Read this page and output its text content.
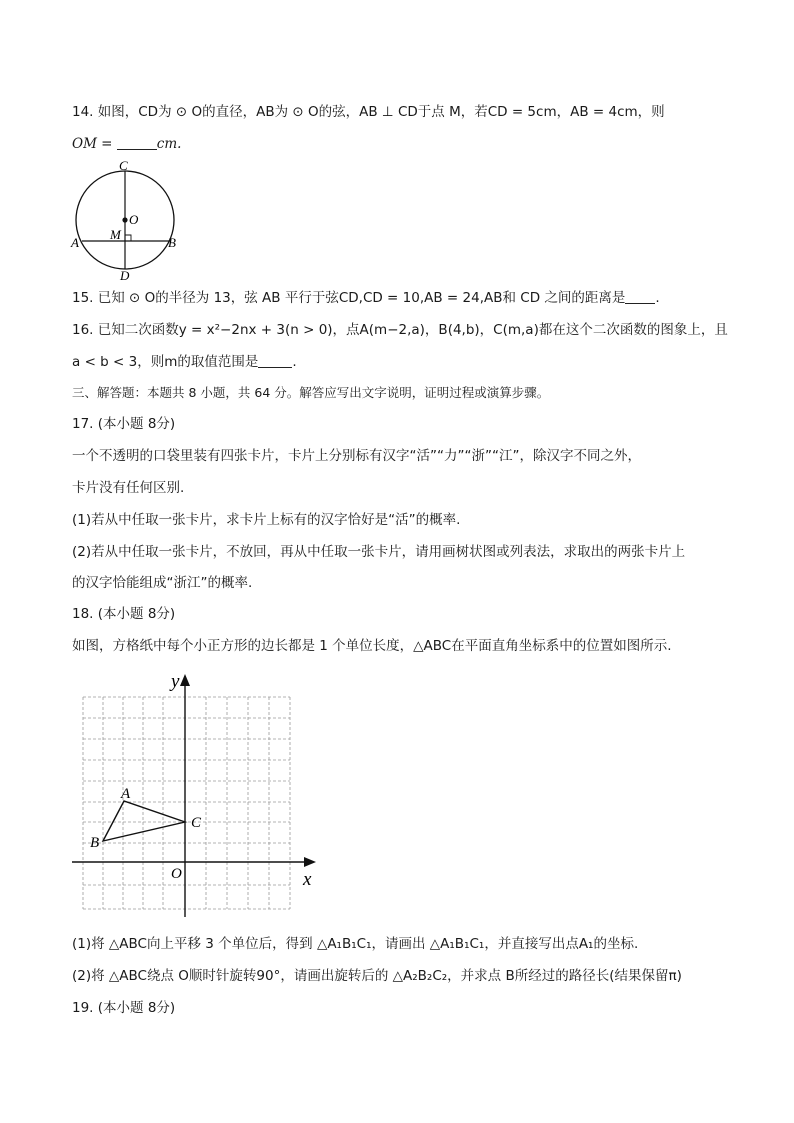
14. 如图，CD为 ⊙ O的直径，AB为 ⊙ O的弦，AB ⊥ CD于点 M，若CD = 5cm，AB = 4cm，则
OM =	cm.
C
O
M
A	B
D
15. 已知 ⊙ O的半径为 13，弦 AB 平行于弦CD,CD = 10,AB = 24,AB和 CD 之间的距离是 .
16. 已知二次函数y = x²−2nx + 3(n > 0)，点A(m−2,a)，B(4,b)，C(m,a)都在这个二次函数的图象上，且
a < b < 3，则m的取值范围是	.
三、解答题：本题共 8 小题，共 64 分。解答应写出文字说明，证明过程或演算步骤。
17. (本小题 8分)
一个不透明的口袋里装有四张卡片，卡片上分别标有汉字“活”“力”“浙”“江”，除汉字不同之外，
卡片没有任何区别.
(1)若从中任取一张卡片，求卡片上标有的汉字恰好是“活”的概率.
(2)若从中任取一张卡片，不放回，再从中任取一张卡片，请用画树状图或列表法，求取出的两张卡片上
的汉字恰能组成“浙江”的概率.
18. (本小题 8分)
如图，方格纸中每个小正方形的边长都是 1 个单位长度，△ABC在平面直角坐标系中的位置如图所示.
y
x
O
A
B
C
(1)将 △ABC向上平移 3 个单位后，得到 △A₁B₁C₁，请画出 △A₁B₁C₁，并直接写出点A₁的坐标.
(2)将 △ABC绕点 O顺时针旋转90°，请画出旋转后的 △A₂B₂C₂，并求点 B所经过的路径长(结果保留π)
19. (本小题 8分)
